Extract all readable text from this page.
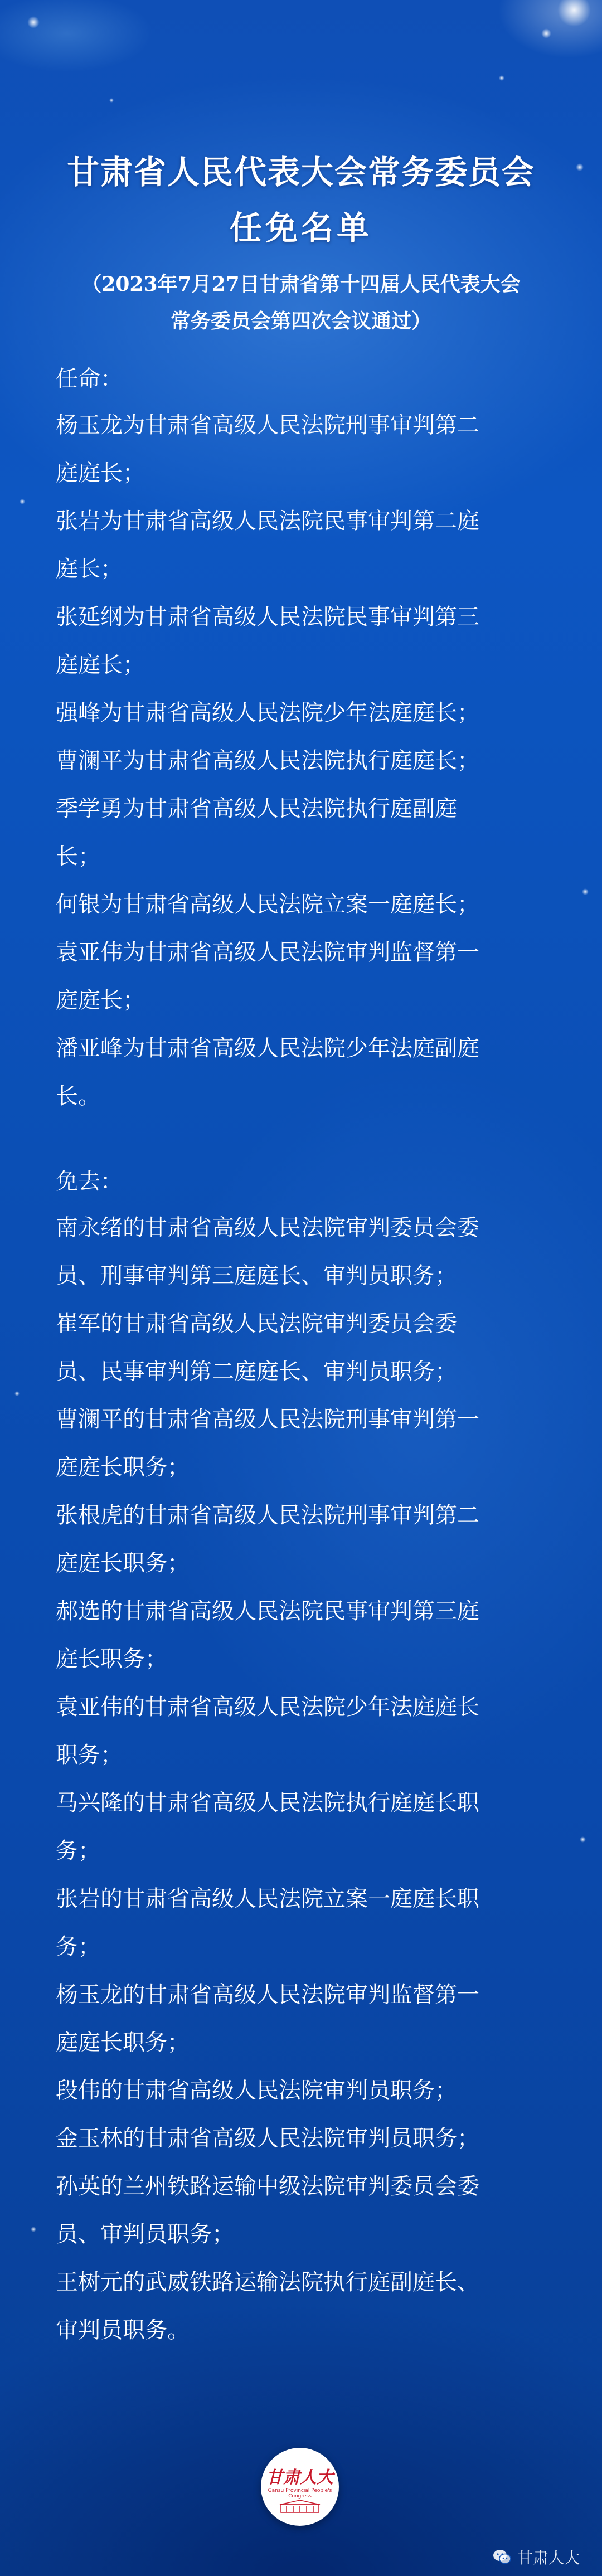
甘肃省人民代表大会常务委员会
任免名单
（2023年7月27日甘肃省第十四届人民代表大会
常务委员会第四次会议通过）
任命：
杨玉龙为甘肃省高级人民法院刑事审判第二
庭庭长；
张岩为甘肃省高级人民法院民事审判第二庭
庭长；
张延纲为甘肃省高级人民法院民事审判第三
庭庭长；
强峰为甘肃省高级人民法院少年法庭庭长；
曹澜平为甘肃省高级人民法院执行庭庭长；
季学勇为甘肃省高级人民法院执行庭副庭
长；
何银为甘肃省高级人民法院立案一庭庭长；
袁亚伟为甘肃省高级人民法院审判监督第一
庭庭长；
潘亚峰为甘肃省高级人民法院少年法庭副庭
长。
免去：
南永绪的甘肃省高级人民法院审判委员会委
员、刑事审判第三庭庭长、审判员职务；
崔军的甘肃省高级人民法院审判委员会委
员、民事审判第二庭庭长、审判员职务；
曹澜平的甘肃省高级人民法院刑事审判第一
庭庭长职务；
张根虎的甘肃省高级人民法院刑事审判第二
庭庭长职务；
郝选的甘肃省高级人民法院民事审判第三庭
庭长职务；
袁亚伟的甘肃省高级人民法院少年法庭庭长
职务；
马兴隆的甘肃省高级人民法院执行庭庭长职
务；
张岩的甘肃省高级人民法院立案一庭庭长职
务；
杨玉龙的甘肃省高级人民法院审判监督第一
庭庭长职务；
段伟的甘肃省高级人民法院审判员职务；
金玉林的甘肃省高级人民法院审判员职务；
孙英的兰州铁路运输中级法院审判委员会委
员、审判员职务；
王树元的武威铁路运输法院执行庭副庭长、
审判员职务。
甘肃人大
Gansu Provincial People's Congress
甘肃人大
